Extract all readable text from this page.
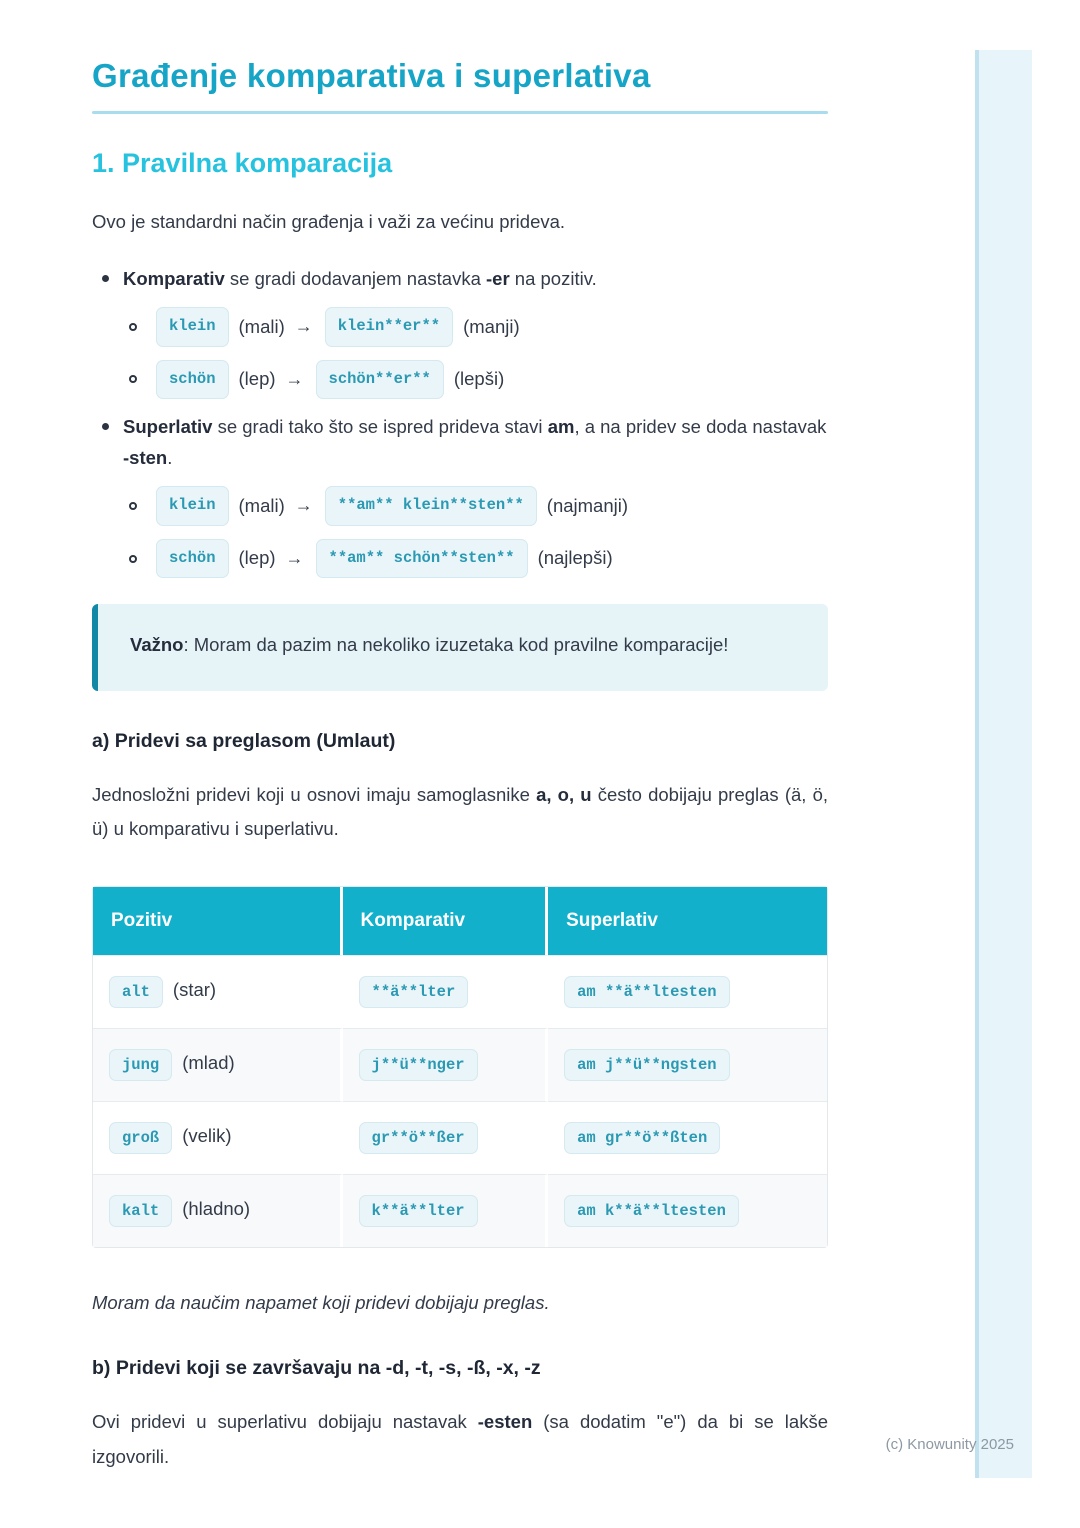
Građenje komparativa i superlativa
1. Pravilna komparacija

Ovo je standardni način građenja i važi za većinu prideva.

Komparativ se gradi dodavanjem nastavka -er na pozitiv.
klein	(mali) →	klein**er**	(manji)
schön	(lep) →	schön**er**	(lepši)
Superlativ se gradi tako što se ispred prideva stavi am, a na pridev se doda nastavak -sten.
klein	(mali) →	**am** klein**sten**	(najmanji)
schön	(lep) →	**am** schön**sten**	(najlepši)
Važno: Moram da pazim na nekoliko izuzetaka kod pravilne komparacije!
a) Pridevi sa preglasom (Umlaut)

Jednosložni pridevi koji u osnovi imaju samoglasnike a, o, u često dobijaju preglas (ä, ö, ü) u komparativu i superlativu.

Pozitiv	Komparativ	Superlativ
alt (star)	**ä**lter	am **ä**ltesten
jung (mlad)	j**ü**nger	am j**ü**ngsten
groß (velik)	gr**ö**ßer	am gr**ö**ßten
kalt (hladno)	k**ä**lter	am k**ä**ltesten

Moram da naučim napamet koji pridevi dobijaju preglas.

b) Pridevi koji se završavaju na -d, -t, -s, -ß, -x, -z

Ovi pridevi u superlativu dobijaju nastavak -esten (sa dodatim "e") da bi se lakše izgovorili.

(c) Knowunity 2025
